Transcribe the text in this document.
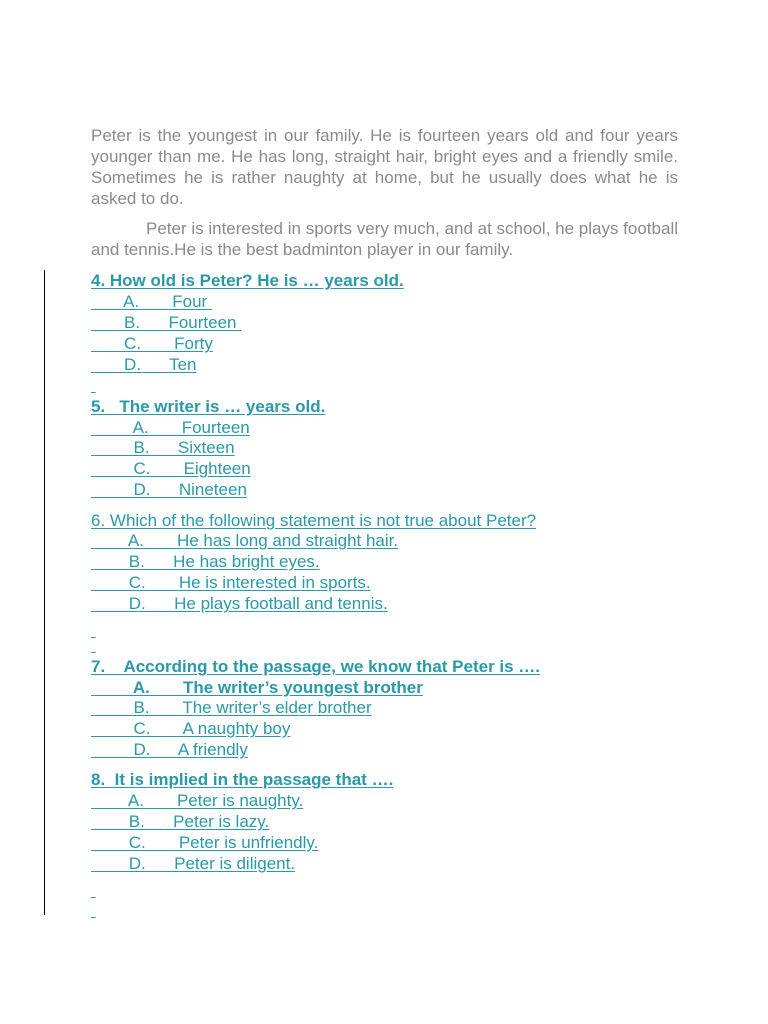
Peter is the youngest in our family. He is fourteen years old and four years younger than me. He has long, straight hair, bright eyes and a friendly smile. Sometimes he is rather naughty at home, but he usually does what he is asked to do.

Peter is interested in sports very much, and at school, he plays football and tennis.He is the best badminton player in our family.

4. How old is Peter? He is … years old.
A.       Four
B.      Fourteen
C.       Forty
D.      Ten

5.   The writer is … years old.
A.       Fourteen
B.      Sixteen
C.       Eighteen
D.      Nineteen
6. Which of the following statement is not true about Peter?
A.       He has long and straight hair.
B.      He has bright eyes.
C.       He is interested in sports.
D.      He plays football and tennis.

7.    According to the passage, we know that Peter is ….
A.       The writer’s youngest brother
B.       The writer’s elder brother
C.       A naughty boy
D.      A friendly
8.  It is implied in the passage that ….
A.       Peter is naughty.
B.      Peter is lazy.
C.       Peter is unfriendly.
D.      Peter is diligent.
